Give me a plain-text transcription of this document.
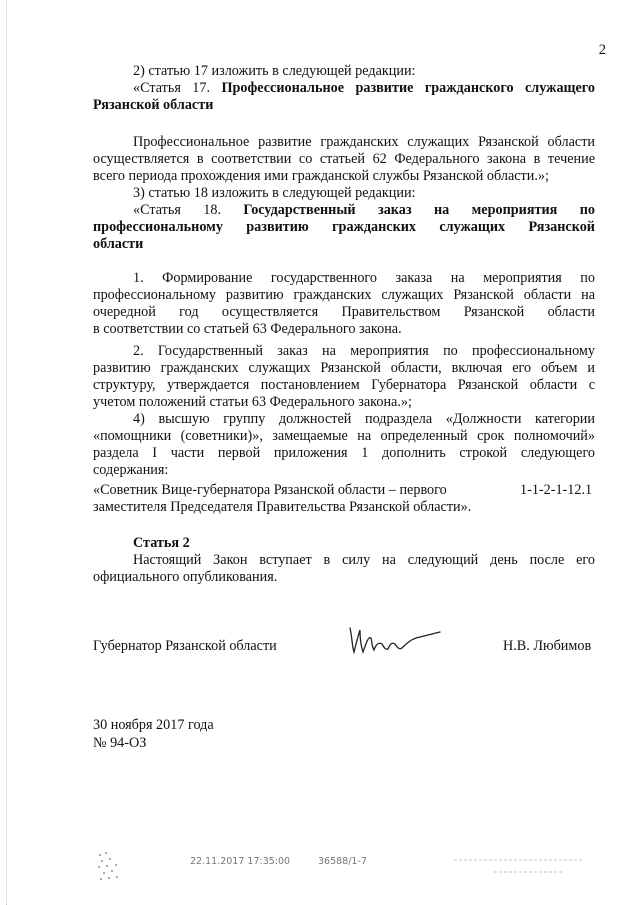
2
2) статью 17 изложить в следующей редакции:
«Статья 17. Профессиональное развитие гражданского служащего
Рязанской области
Профессиональное развитие гражданских служащих Рязанской области
осуществляется в соответствии со статьей 62 Федерального закона в течение
всего периода прохождения ими гражданской службы Рязанской области.»;
3) статью 18 изложить в следующей редакции:
«Статья 18. Государственный заказ на мероприятия по
профессиональному развитию гражданских служащих Рязанской
области
1. Формирование государственного заказа на мероприятия по
профессиональному развитию гражданских служащих Рязанской области на
очередной год осуществляется Правительством Рязанской области
в соответствии со статьей 63 Федерального закона.
2. Государственный заказ на мероприятия по профессиональному
развитию гражданских служащих Рязанской области, включая его объем и
структуру, утверждается постановлением Губернатора Рязанской области с
учетом положений статьи 63 Федерального закона.»;
4) высшую группу должностей подраздела «Должности категории
«помощники (советники)», замещаемые на определенный срок полномочий»
раздела I части первой приложения 1 дополнить строкой следующего
содержания:
«Советник Вице-губернатора Рязанской области – первого	1-1-2-1-12.1
заместителя Председателя Правительства Рязанской области».
Статья 2
Настоящий Закон вступает в силу на следующий день после его
официального опубликования.
Губернатор Рязанской области	Н.В. Любимов
30 ноября 2017 года
№ 94-ОЗ
22.11.2017 17:35:00	36588/1-7
